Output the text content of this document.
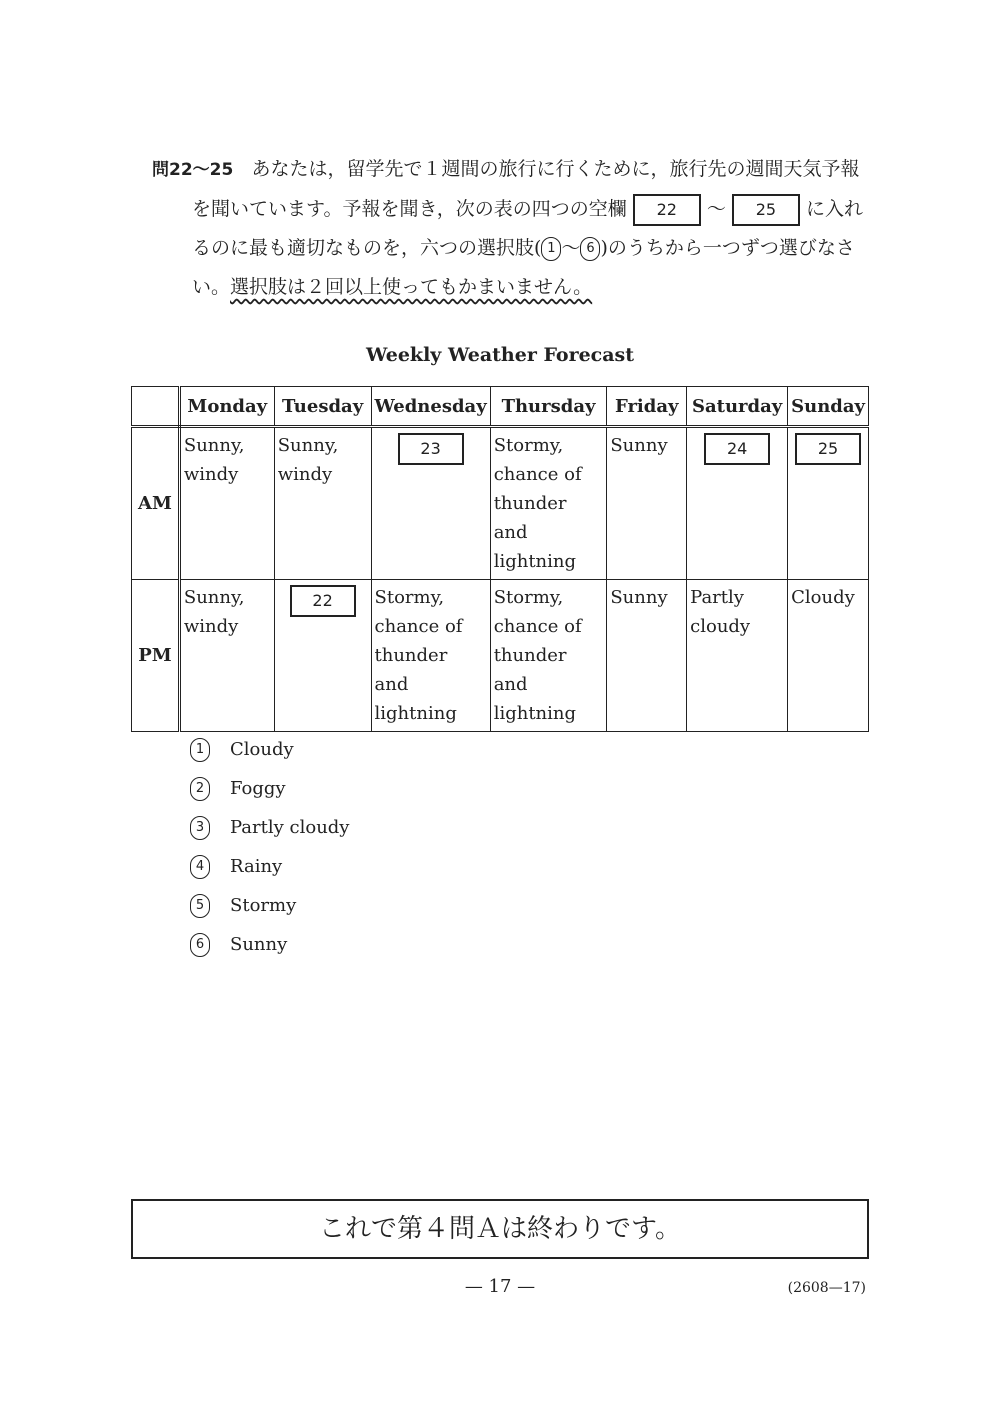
問22～25 あなたは，留学先で１週間の旅行に行くために，旅行先の週間天気予報
を聞いています。予報を聞き，次の表の四つの空欄 22 ～ 25 に入れ
るのに最も適切なものを，六つの選択肢( 1 ～ 6 )のうちから一つずつ選びなさ
い。選択肢は２回以上使ってもかまいません。
Weekly Weather Forecast
	Monday	Tuesday	Wednesday	Thursday	Friday	Saturday	Sunday
AM	Sunny, windy	Sunny, windy	23	Stormy, chance of thunder and lightning	Sunny	24	25

PM	Sunny, windy	22	Stormy, chance of thunder and lightning	Stormy, chance of thunder and lightning	Sunny	Partly cloudy	Cloudy
1	Cloudy
2	Foggy
3	Partly cloudy
4	Rainy
5	Stormy
6	Sunny
これで第４問Ａは終わりです。
— 17 —	(2608—17)
